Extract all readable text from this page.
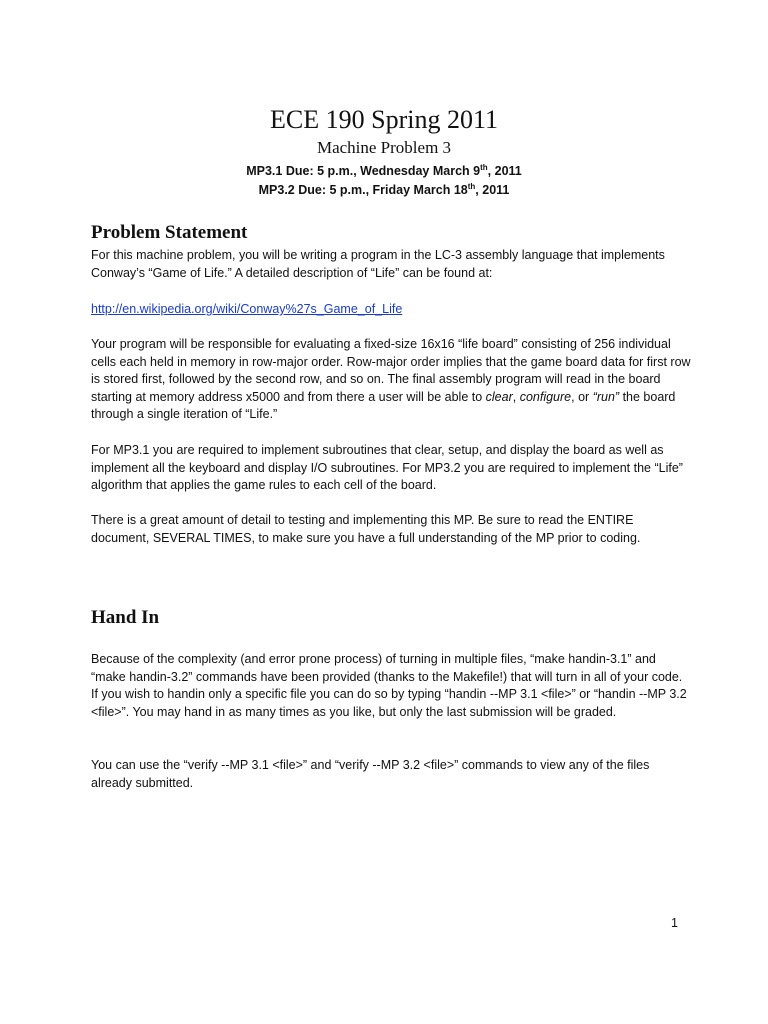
ECE 190 Spring 2011
Machine Problem 3
MP3.1 Due: 5 p.m., Wednesday March 9th, 2011
MP3.2 Due: 5 p.m., Friday March 18th, 2011
Problem Statement

For this machine problem, you will be writing a program in the LC-3 assembly language that implements Conway’s “Game of Life.” A detailed description of “Life” can be found at:

http://en.wikipedia.org/wiki/Conway%27s_Game_of_Life

Your program will be responsible for evaluating a fixed-size 16x16 “life board” consisting of 256 individual cells each held in memory in row-major order. Row-major order implies that the game board data for first row is stored first, followed by the second row, and so on. The final assembly program will read in the board starting at memory address x5000 and from there a user will be able to clear, configure, or “run” the board through a single iteration of “Life.”

For MP3.1 you are required to implement subroutines that clear, setup, and display the board as well as implement all the keyboard and display I/O subroutines. For MP3.2 you are required to implement the “Life” algorithm that applies the game rules to each cell of the board.

There is a great amount of detail to testing and implementing this MP. Be sure to read the ENTIRE document, SEVERAL TIMES, to make sure you have a full understanding of the MP prior to coding.

Hand In

Because of the complexity (and error prone process) of turning in multiple files, “make handin-3.1” and “make handin-3.2” commands have been provided (thanks to the Makefile!) that will turn in all of your code. If you wish to handin only a specific file you can do so by typing “handin --MP 3.1 <file>” or “handin --MP 3.2 <file>”. You may hand in as many times as you like, but only the last submission will be graded.

You can use the “verify --MP 3.1 <file>” and “verify --MP 3.2 <file>” commands to view any of the files already submitted.

1
